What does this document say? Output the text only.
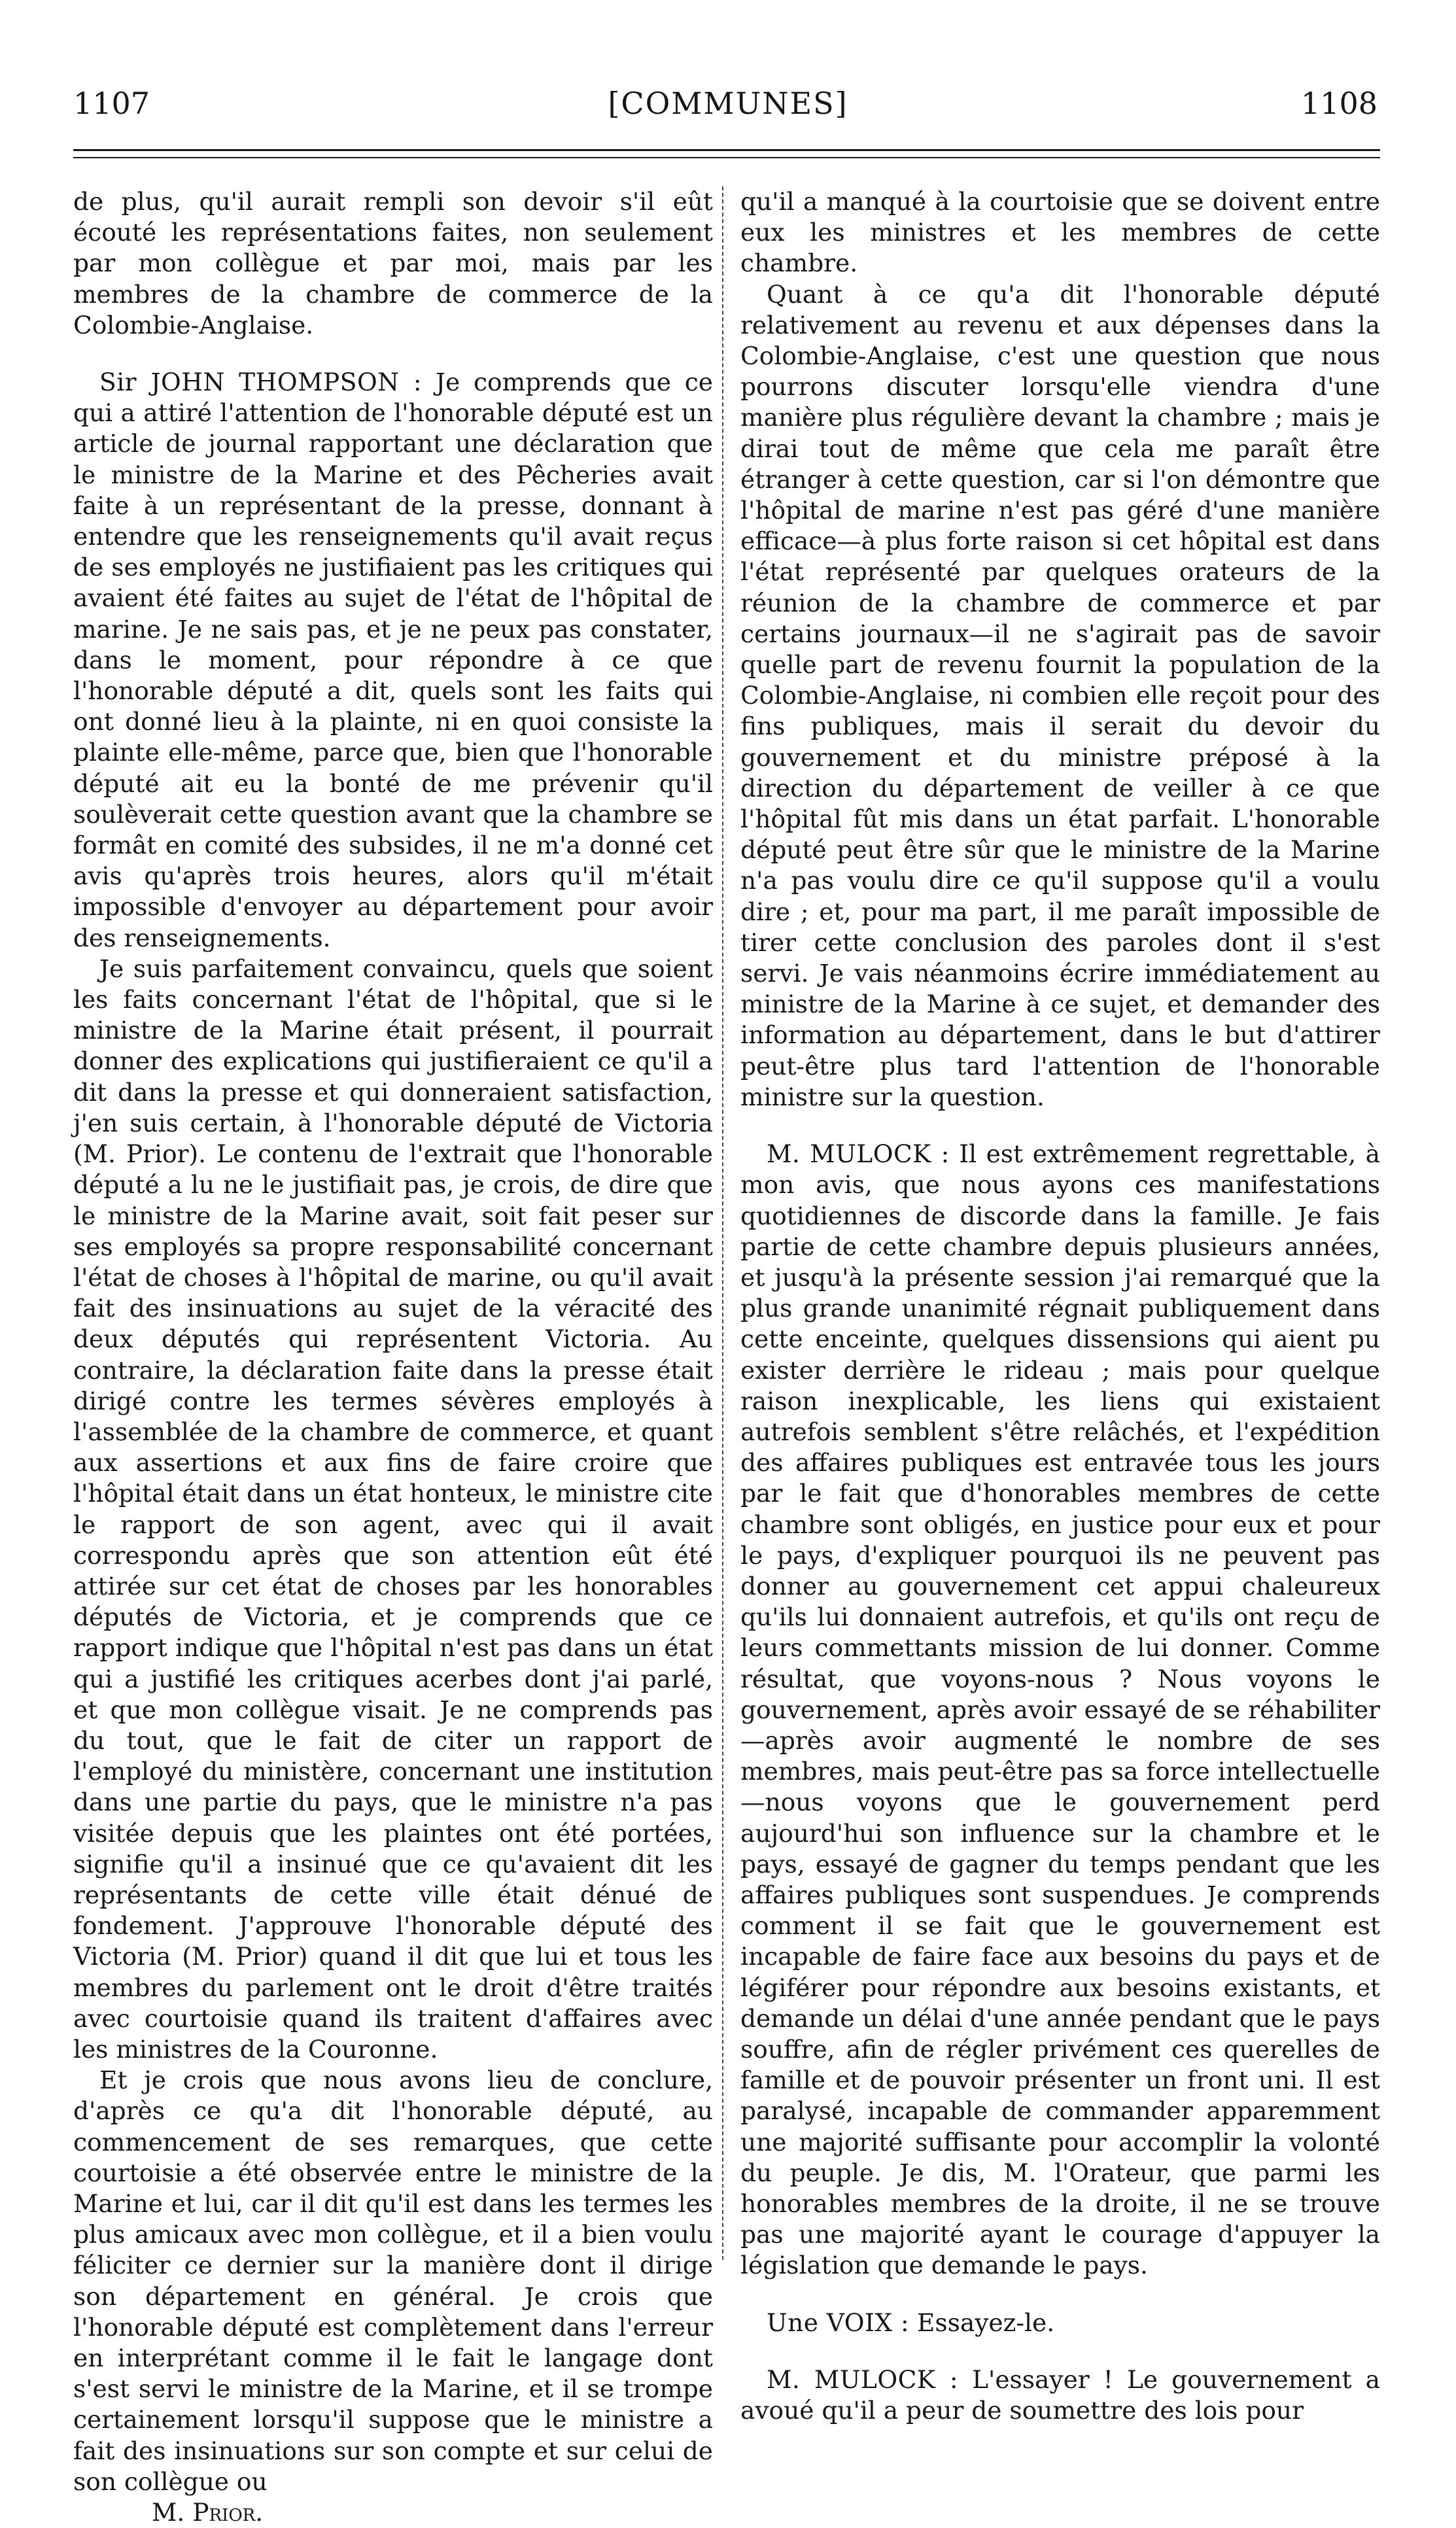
[COMMUNES]
1107	1108

de plus, qu'il aurait rempli son devoir s'il eût écouté les représentations faites, non seulement par mon collègue et par moi, mais par les membres de la chambre de commerce de la Colombie-Anglaise.

Sir JOHN THOMPSON : Je comprends que ce qui a attiré l'attention de l'honorable député est un article de journal rapportant une déclaration que le ministre de la Marine et des Pêcheries avait faite à un représentant de la presse, donnant à entendre que les renseignements qu'il avait reçus de ses employés ne justifiaient pas les critiques qui avaient été faites au sujet de l'état de l'hôpital de marine. Je ne sais pas, et je ne peux pas constater, dans le moment, pour répondre à ce que l'honorable député a dit, quels sont les faits qui ont donné lieu à la plainte, ni en quoi consiste la plainte elle-même, parce que, bien que l'honorable député ait eu la bonté de me prévenir qu'il soulèverait cette question avant que la chambre se formât en comité des subsides, il ne m'a donné cet avis qu'après trois heures, alors qu'il m'était impossible d'envoyer au département pour avoir des renseignements.

Je suis parfaitement convaincu, quels que soient les faits concernant l'état de l'hôpital, que si le ministre de la Marine était présent, il pourrait donner des explications qui justifieraient ce qu'il a dit dans la presse et qui donneraient satisfaction, j'en suis certain, à l'honorable député de Victoria (M. Prior). Le contenu de l'extrait que l'honorable député a lu ne le justifiait pas, je crois, de dire que le ministre de la Marine avait, soit fait peser sur ses employés sa propre responsabilité concernant l'état de choses à l'hôpital de marine, ou qu'il avait fait des insinuations au sujet de la véracité des deux députés qui représentent Victoria. Au contraire, la déclaration faite dans la presse était dirigé contre les termes sévères employés à l'assemblée de la chambre de commerce, et quant aux assertions et aux fins de faire croire que l'hôpital était dans un état honteux, le ministre cite le rapport de son agent, avec qui il avait correspondu après que son attention eût été attirée sur cet état de choses par les honorables députés de Victoria, et je comprends que ce rapport indique que l'hôpital n'est pas dans un état qui a justifié les critiques acerbes dont j'ai parlé, et que mon collègue visait. Je ne comprends pas du tout, que le fait de citer un rapport de l'employé du ministère, concernant une institution dans une partie du pays, que le ministre n'a pas visitée depuis que les plaintes ont été portées, signifie qu'il a insinué que ce qu'avaient dit les représentants de cette ville était dénué de fondement. J'approuve l'honorable député des Victoria (M. Prior) quand il dit que lui et tous les membres du parlement ont le droit d'être traités avec courtoisie quand ils traitent d'affaires avec les ministres de la Couronne.

Et je crois que nous avons lieu de conclure, d'après ce qu'a dit l'honorable député, au commencement de ses remarques, que cette courtoisie a été observée entre le ministre de la Marine et lui, car il dit qu'il est dans les termes les plus amicaux avec mon collègue, et il a bien voulu féliciter ce dernier sur la manière dont il dirige son département en général. Je crois que l'honorable député est complètement dans l'erreur en interprétant comme il le fait le langage dont s'est servi le ministre de la Marine, et il se trompe certainement lorsqu'il suppose que le ministre a fait des insinuations sur son compte et sur celui de son collègue ou

M. Prior.

qu'il a manqué à la courtoisie que se doivent entre eux les ministres et les membres de cette chambre.

Quant à ce qu'a dit l'honorable député relativement au revenu et aux dépenses dans la Colombie-Anglaise, c'est une question que nous pourrons discuter lorsqu'elle viendra d'une manière plus régulière devant la chambre ; mais je dirai tout de même que cela me paraît être étranger à cette question, car si l'on démontre que l'hôpital de marine n'est pas géré d'une manière efficace—à plus forte raison si cet hôpital est dans l'état représenté par quelques orateurs de la réunion de la chambre de commerce et par certains journaux—il ne s'agirait pas de savoir quelle part de revenu fournit la population de la Colombie-Anglaise, ni combien elle reçoit pour des fins publiques, mais il serait du devoir du gouvernement et du ministre préposé à la direction du département de veiller à ce que l'hôpital fût mis dans un état parfait. L'honorable député peut être sûr que le ministre de la Marine n'a pas voulu dire ce qu'il suppose qu'il a voulu dire ; et, pour ma part, il me paraît impossible de tirer cette conclusion des paroles dont il s'est servi. Je vais néanmoins écrire immédiatement au ministre de la Marine à ce sujet, et demander des information au département, dans le but d'attirer peut-être plus tard l'attention de l'honorable ministre sur la question.

M. MULOCK : Il est extrêmement regrettable, à mon avis, que nous ayons ces manifestations quotidiennes de discorde dans la famille. Je fais partie de cette chambre depuis plusieurs années, et jusqu'à la présente session j'ai remarqué que la plus grande unanimité régnait publiquement dans cette enceinte, quelques dissensions qui aient pu exister derrière le rideau ; mais pour quelque raison inexplicable, les liens qui existaient autrefois semblent s'être relâchés, et l'expédition des affaires publiques est entravée tous les jours par le fait que d'honorables membres de cette chambre sont obligés, en justice pour eux et pour le pays, d'expliquer pourquoi ils ne peuvent pas donner au gouvernement cet appui chaleureux qu'ils lui donnaient autrefois, et qu'ils ont reçu de leurs commettants mission de lui donner. Comme résultat, que voyons-nous ? Nous voyons le gouvernement, après avoir essayé de se réhabiliter—après avoir augmenté le nombre de ses membres, mais peut-être pas sa force intellectuelle—nous voyons que le gouvernement perd aujourd'hui son influence sur la chambre et le pays, essayé de gagner du temps pendant que les affaires publiques sont suspendues. Je comprends comment il se fait que le gouvernement est incapable de faire face aux besoins du pays et de légiférer pour répondre aux besoins existants, et demande un délai d'une année pendant que le pays souffre, afin de régler privément ces querelles de famille et de pouvoir présenter un front uni. Il est paralysé, incapable de commander apparemment une majorité suffisante pour accomplir la volonté du peuple. Je dis, M. l'Orateur, que parmi les honorables membres de la droite, il ne se trouve pas une majorité ayant le courage d'appuyer la législation que demande le pays.

Une VOIX : Essayez-le.

M. MULOCK : L'essayer ! Le gouvernement a avoué qu'il a peur de soumettre des lois pour
